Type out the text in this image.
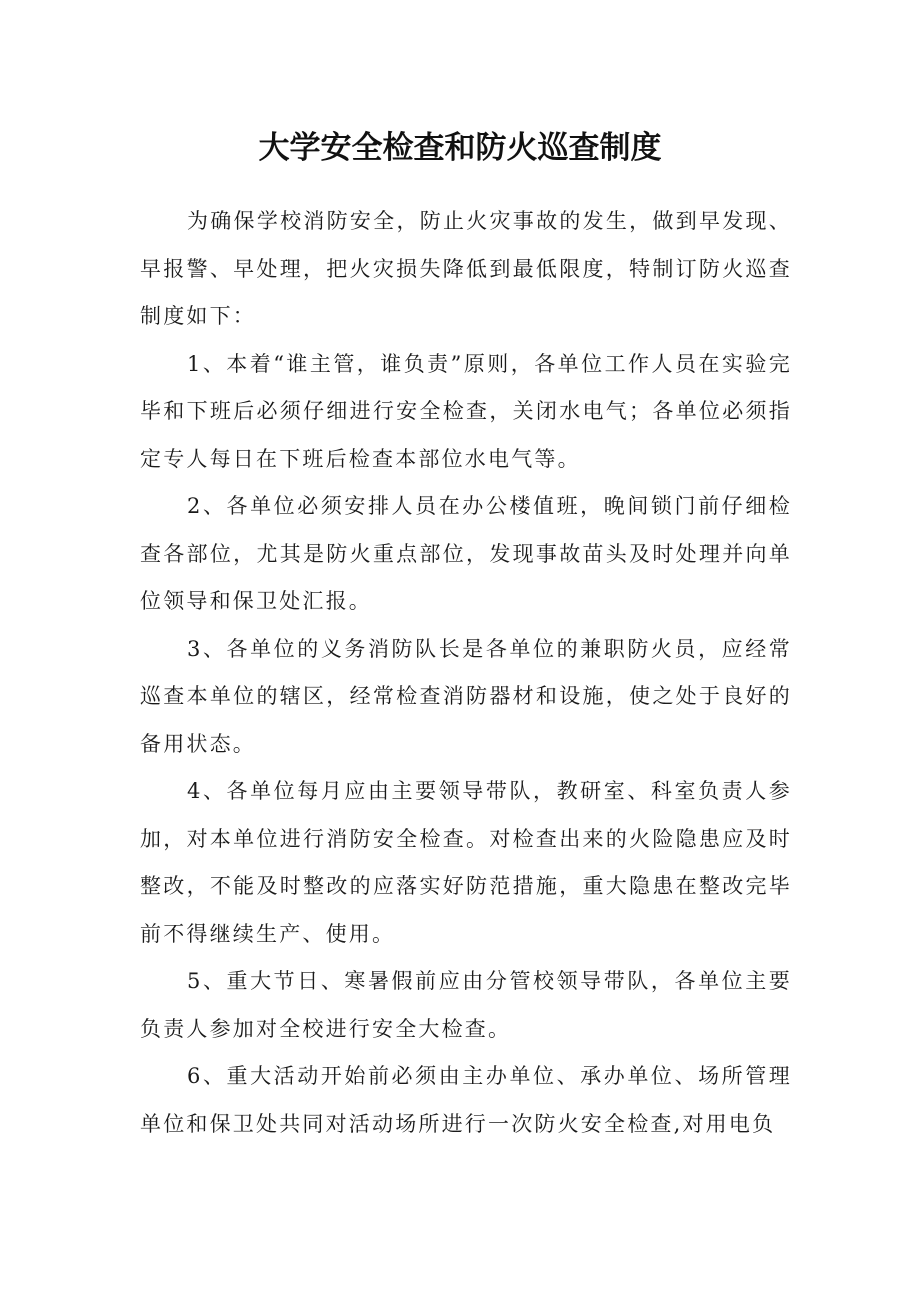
大学安全检查和防火巡查制度

为确保学校消防安全，防止火灾事故的发生，做到早发现、早报警、早处理，把火灾损失降低到最低限度，特制订防火巡查制度如下：

1、本着“谁主管，谁负责”原则，各单位工作人员在实验完毕和下班后必须仔细进行安全检查，关闭水电气；各单位必须指定专人每日在下班后检查本部位水电气等。

2、各单位必须安排人员在办公楼值班，晚间锁门前仔细检查各部位，尤其是防火重点部位，发现事故苗头及时处理并向单位领导和保卫处汇报。

3、各单位的义务消防队长是各单位的兼职防火员，应经常巡查本单位的辖区，经常检查消防器材和设施，使之处于良好的备用状态。

4、各单位每月应由主要领导带队，教研室、科室负责人参加，对本单位进行消防安全检查。对检查出来的火险隐患应及时整改，不能及时整改的应落实好防范措施，重大隐患在整改完毕前不得继续生产、使用。

5、重大节日、寒暑假前应由分管校领导带队，各单位主要负责人参加对全校进行安全大检查。

6、重大活动开始前必须由主办单位、承办单位、场所管理单位和保卫处共同对活动场所进行一次防火安全检查,对用电负
